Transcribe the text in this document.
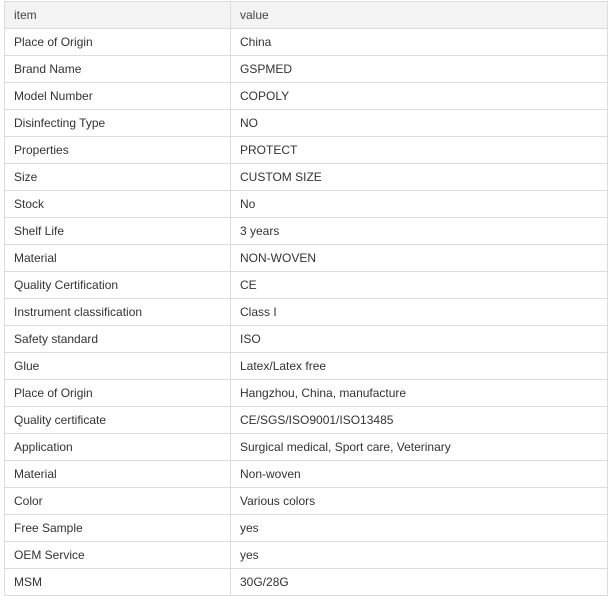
item	value
Place of Origin	China
Brand Name	GSPMED
Model Number	COPOLY
Disinfecting Type	NO
Properties	PROTECT
Size	CUSTOM SIZE
Stock	No
Shelf Life	3 years
Material	NON-WOVEN
Quality Certification	CE
Instrument classification	Class I
Safety standard	ISO
Glue	Latex/Latex free
Place of Origin	Hangzhou, China, manufacture
Quality certificate	CE/SGS/ISO9001/ISO13485
Application	Surgical medical, Sport care, Veterinary
Material	Non-woven
Color	Various colors
Free Sample	yes
OEM Service	yes
MSM	30G/28G
